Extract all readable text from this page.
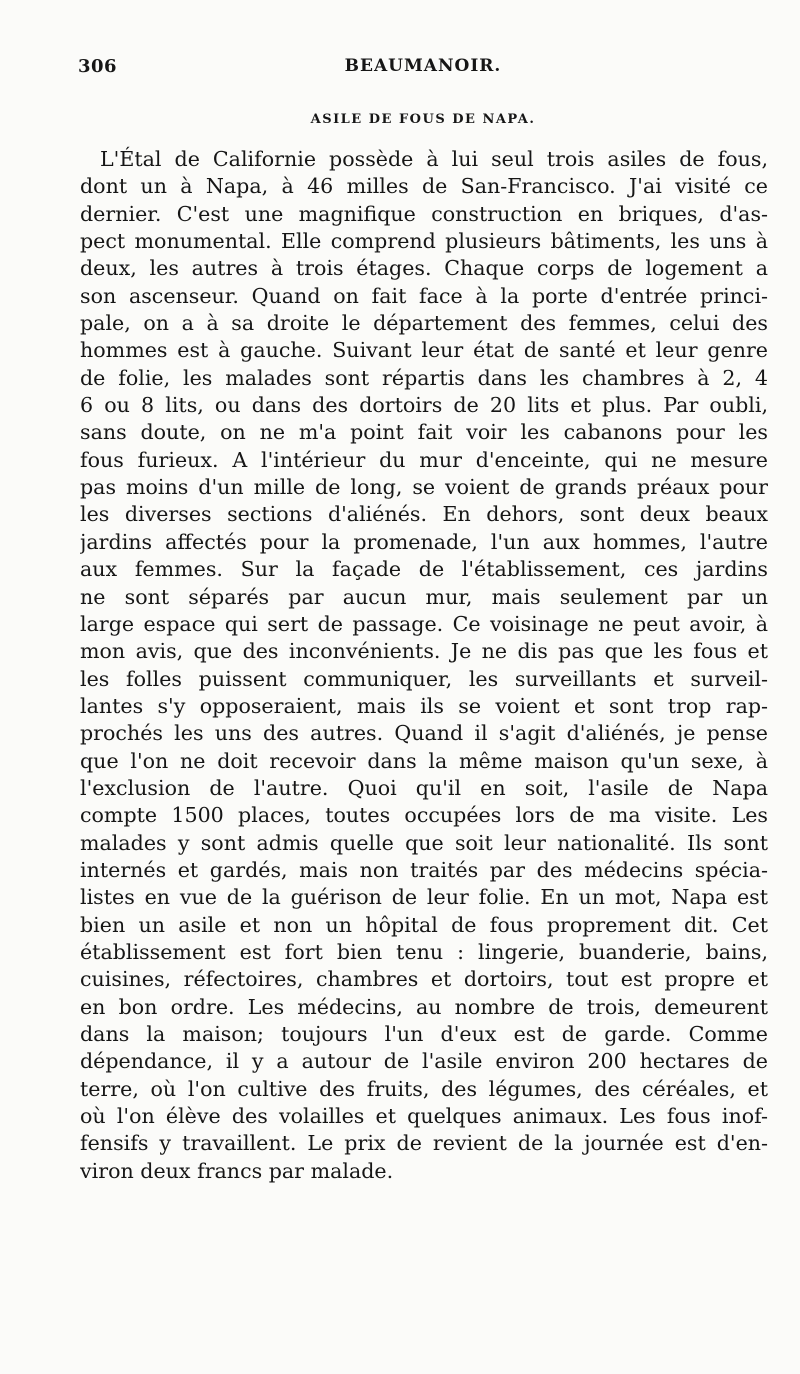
306	BEAUMANOIR.
ASILE DE FOUS DE NAPA.
L'Étal de Californie possède à lui seul trois asiles de fous,
dont un à Napa, à 46 milles de San-Francisco. J'ai visité ce
dernier. C'est une magnifique construction en briques, d'as-
pect monumental. Elle comprend plusieurs bâtiments, les uns à
deux, les autres à trois étages. Chaque corps de logement a
son ascenseur. Quand on fait face à la porte d'entrée princi-
pale, on a à sa droite le département des femmes, celui des
hommes est à gauche. Suivant leur état de santé et leur genre
de folie, les malades sont répartis dans les chambres à 2, 4
6 ou 8 lits, ou dans des dortoirs de 20 lits et plus. Par oubli,
sans doute, on ne m'a point fait voir les cabanons pour les
fous furieux. A l'intérieur du mur d'enceinte, qui ne mesure
pas moins d'un mille de long, se voient de grands préaux pour
les diverses sections d'aliénés. En dehors, sont deux beaux
jardins affectés pour la promenade, l'un aux hommes, l'autre
aux femmes. Sur la façade de l'établissement, ces jardins
ne sont séparés par aucun mur, mais seulement par un
large espace qui sert de passage. Ce voisinage ne peut avoir, à
mon avis, que des inconvénients. Je ne dis pas que les fous et
les folles puissent communiquer, les surveillants et surveil-
lantes s'y opposeraient, mais ils se voient et sont trop rap-
prochés les uns des autres. Quand il s'agit d'aliénés, je pense
que l'on ne doit recevoir dans la même maison qu'un sexe, à
l'exclusion de l'autre. Quoi qu'il en soit, l'asile de Napa
compte 1500 places, toutes occupées lors de ma visite. Les
malades y sont admis quelle que soit leur nationalité. Ils sont
internés et gardés, mais non traités par des médecins spécia-
listes en vue de la guérison de leur folie. En un mot, Napa est
bien un asile et non un hôpital de fous proprement dit. Cet
établissement est fort bien tenu : lingerie, buanderie, bains,
cuisines, réfectoires, chambres et dortoirs, tout est propre et
en bon ordre. Les médecins, au nombre de trois, demeurent
dans la maison; toujours l'un d'eux est de garde. Comme
dépendance, il y a autour de l'asile environ 200 hectares de
terre, où l'on cultive des fruits, des légumes, des céréales, et
où l'on élève des volailles et quelques animaux. Les fous inof-
fensifs y travaillent. Le prix de revient de la journée est d'en-
viron deux francs par malade.
